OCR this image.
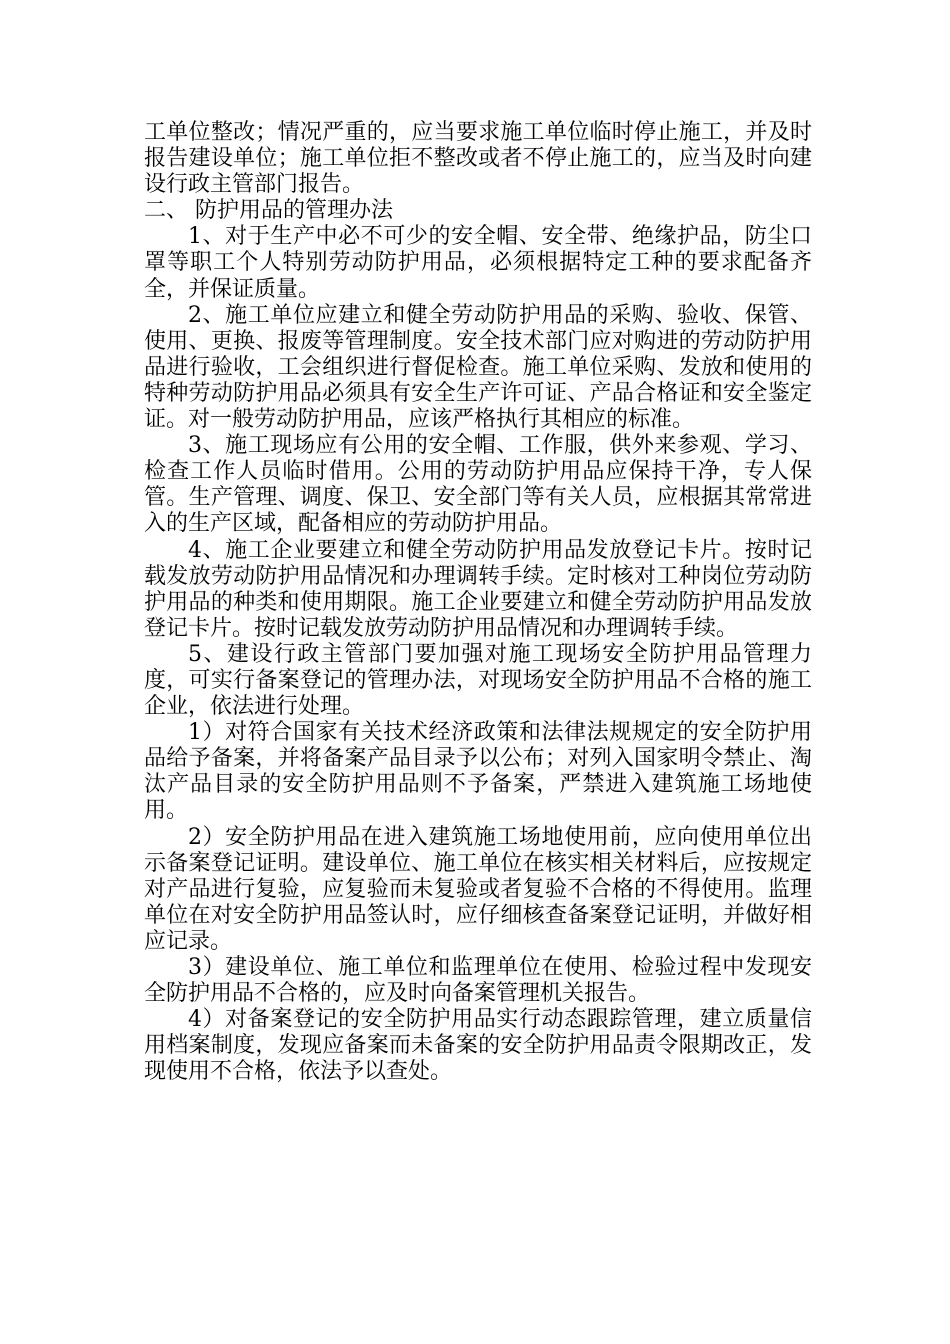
工单位整改；情况严重的，应当要求施工单位临时停止施工，并及时报告建设单位；施工单位拒不整改或者不停止施工的，应当及时向建设行政主管部门报告。

二、 防护用品的管理办法

1、对于生产中必不可少的安全帽、安全带、绝缘护品，防尘口罩等职工个人特别劳动防护用品，必须根据特定工种的要求配备齐全，并保证质量。

2、施工单位应建立和健全劳动防护用品的采购、验收、保管、使用、更换、报废等管理制度。安全技术部门应对购进的劳动防护用品进行验收，工会组织进行督促检查。施工单位采购、发放和使用的特种劳动防护用品必须具有安全生产许可证、产品合格证和安全鉴定证。对一般劳动防护用品，应该严格执行其相应的标准。

3、施工现场应有公用的安全帽、工作服，供外来参观、学习、检查工作人员临时借用。公用的劳动防护用品应保持干净，专人保管。生产管理、调度、保卫、安全部门等有关人员，应根据其常常进入的生产区域，配备相应的劳动防护用品。

4、施工企业要建立和健全劳动防护用品发放登记卡片。按时记载发放劳动防护用品情况和办理调转手续。定时核对工种岗位劳动防护用品的种类和使用期限。施工企业要建立和健全劳动防护用品发放登记卡片。按时记载发放劳动防护用品情况和办理调转手续。

5、建设行政主管部门要加强对施工现场安全防护用品管理力度，可实行备案登记的管理办法，对现场安全防护用品不合格的施工企业，依法进行处理。

1）对符合国家有关技术经济政策和法律法规规定的安全防护用品给予备案，并将备案产品目录予以公布；对列入国家明令禁止、淘汰产品目录的安全防护用品则不予备案，严禁进入建筑施工场地使用。

2）安全防护用品在进入建筑施工场地使用前，应向使用单位出示备案登记证明。建设单位、施工单位在核实相关材料后，应按规定对产品进行复验，应复验而未复验或者复验不合格的不得使用。监理单位在对安全防护用品签认时，应仔细核查备案登记证明，并做好相应记录。

3）建设单位、施工单位和监理单位在使用、检验过程中发现安全防护用品不合格的，应及时向备案管理机关报告。

4）对备案登记的安全防护用品实行动态跟踪管理，建立质量信用档案制度，发现应备案而未备案的安全防护用品责令限期改正，发现使用不合格，依法予以查处。
